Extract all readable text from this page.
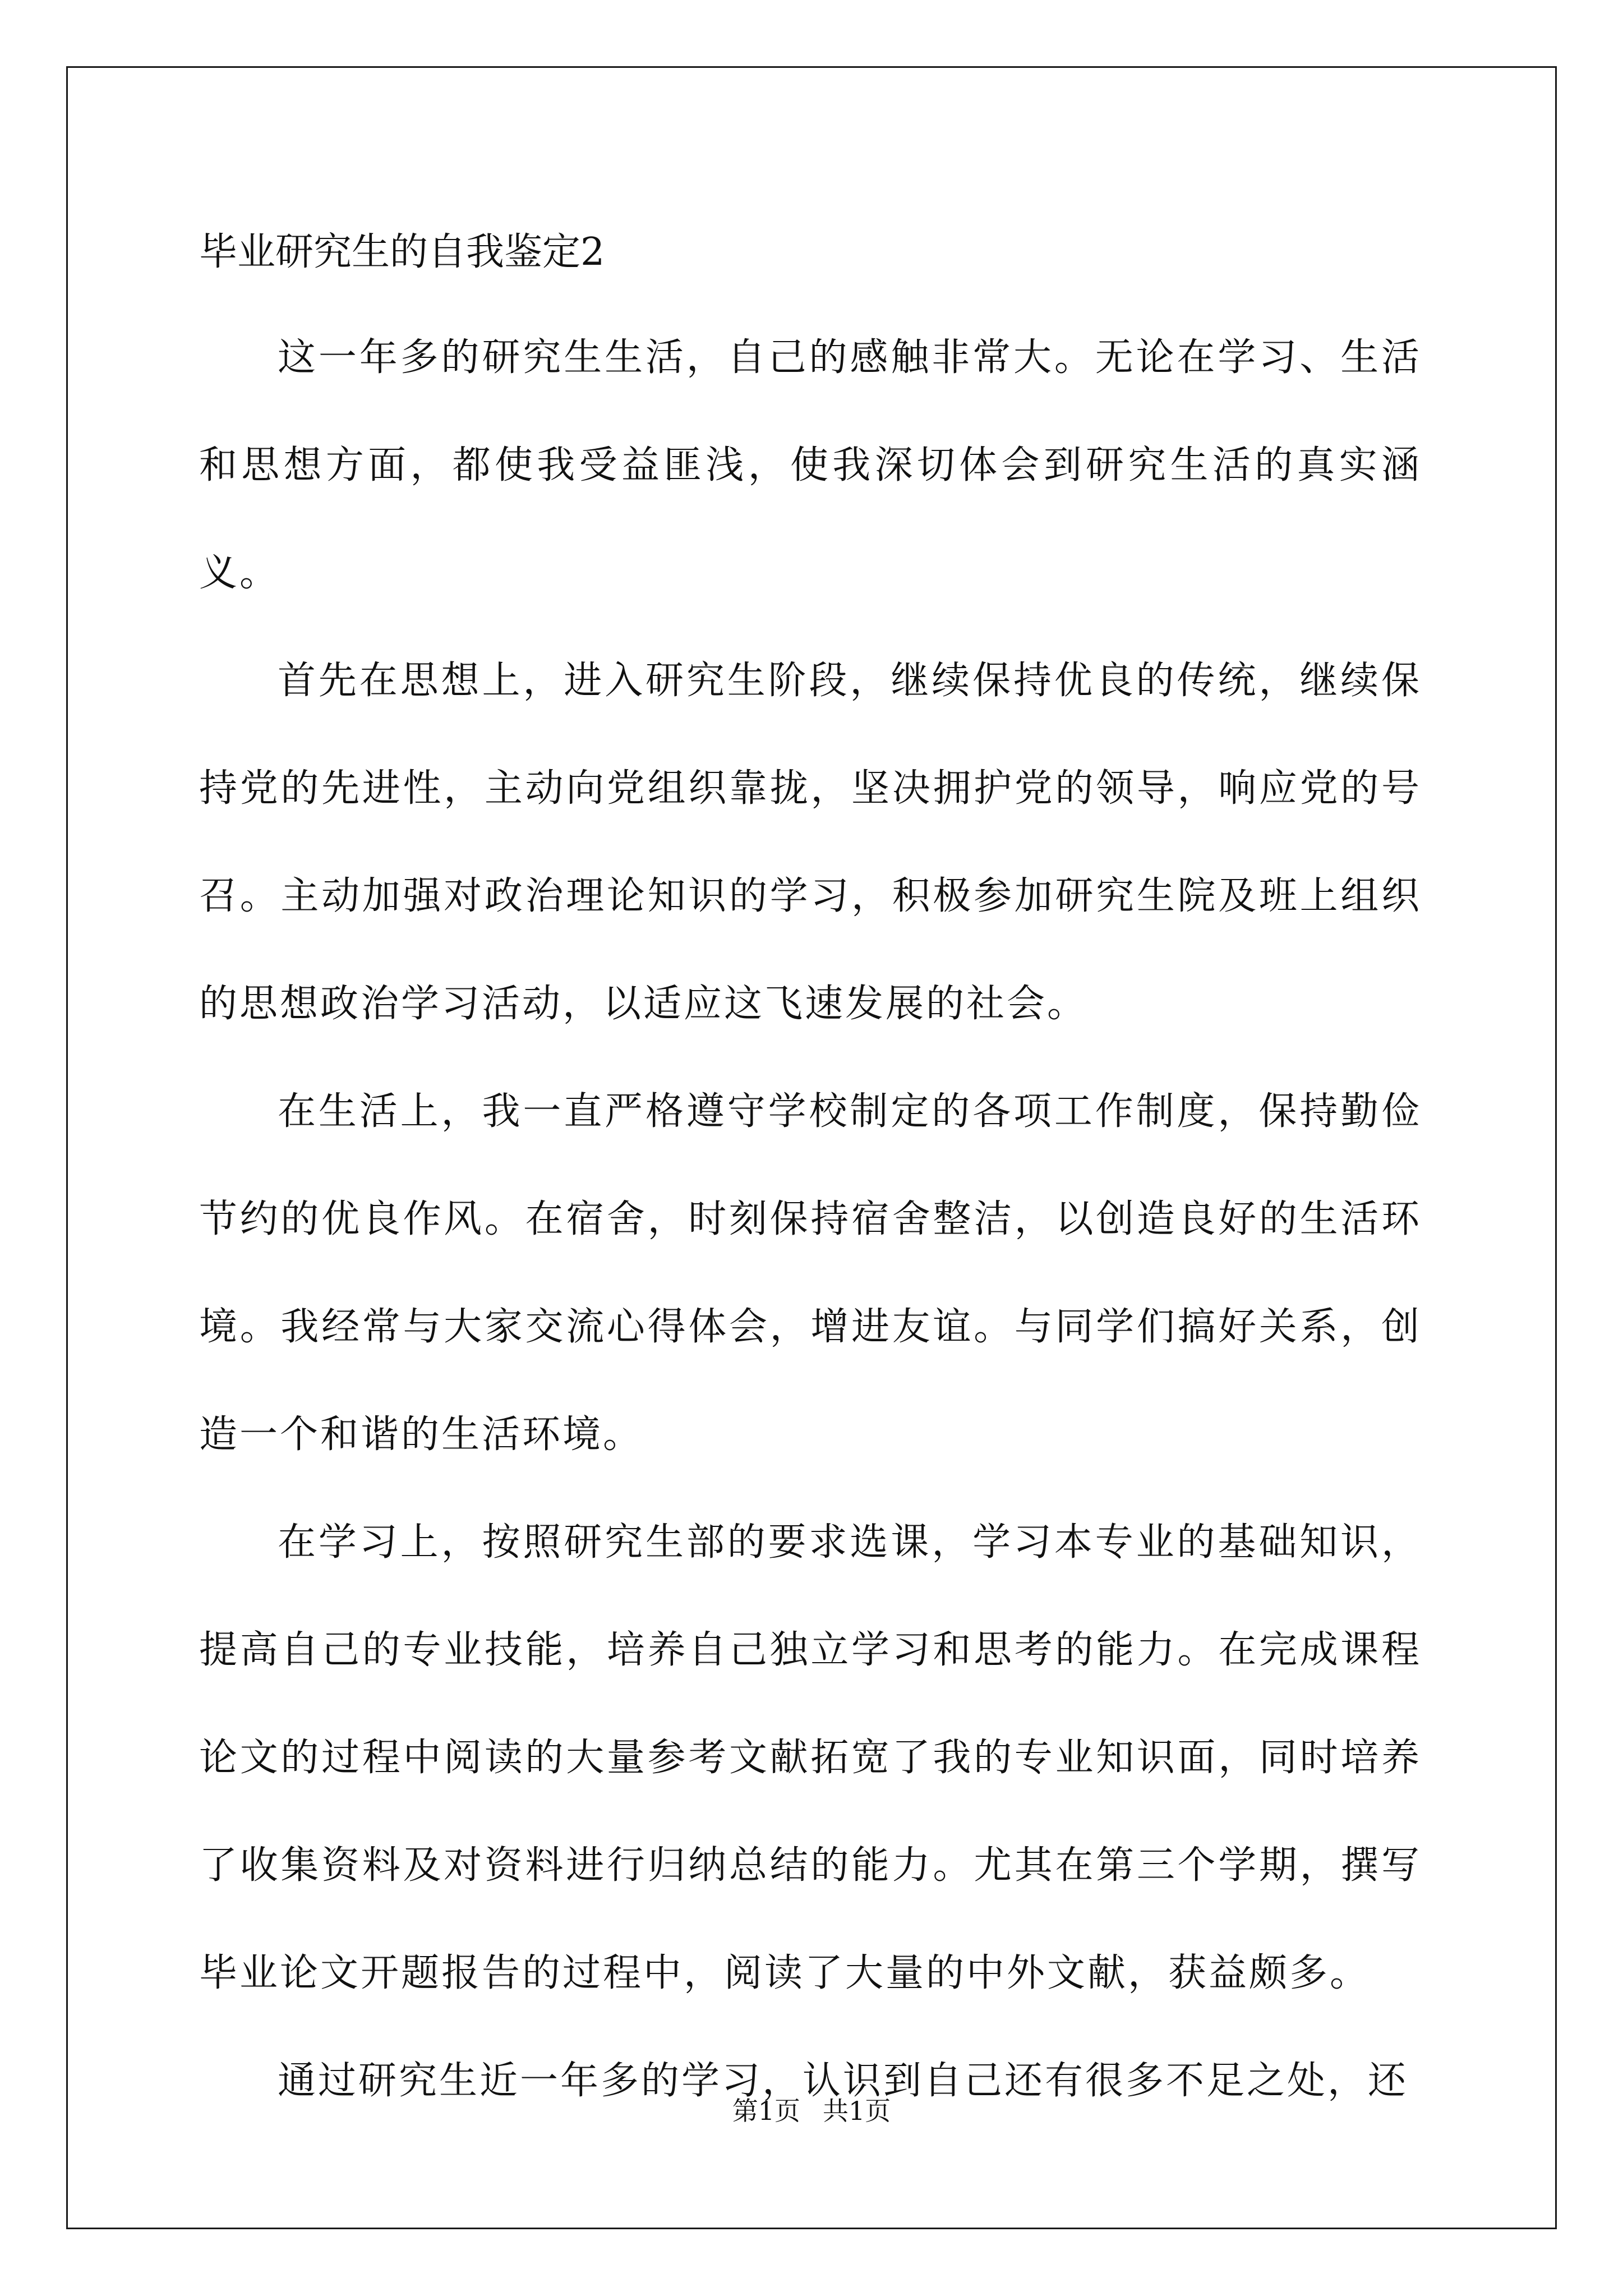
毕业研究生的自我鉴定2

这一年多的研究生生活，自己的感触非常大。无论在学习、生活和思想方面，都使我受益匪浅，使我深切体会到研究生活的真实涵义。

首先在思想上，进入研究生阶段，继续保持优良的传统，继续保持党的先进性，主动向党组织靠拢，坚决拥护党的领导，响应党的号召。主动加强对政治理论知识的学习，积极参加研究生院及班上组织的思想政治学习活动，以适应这飞速发展的社会。

在生活上，我一直严格遵守学校制定的各项工作制度，保持勤俭节约的优良作风。在宿舍，时刻保持宿舍整洁，以创造良好的生活环境。我经常与大家交流心得体会，增进友谊。与同学们搞好关系，创造一个和谐的生活环境。

在学习上，按照研究生部的要求选课，学习本专业的基础知识，提高自己的专业技能，培养自己独立学习和思考的能力。在完成课程论文的过程中阅读的大量参考文献拓宽了我的专业知识面，同时培养了收集资料及对资料进行归纳总结的能力。尤其在第三个学期，撰写毕业论文开题报告的过程中，阅读了大量的中外文献，获益颇多。

通过研究生近一年多的学习，认识到自己还有很多不足之处，还

第1页 共1页
